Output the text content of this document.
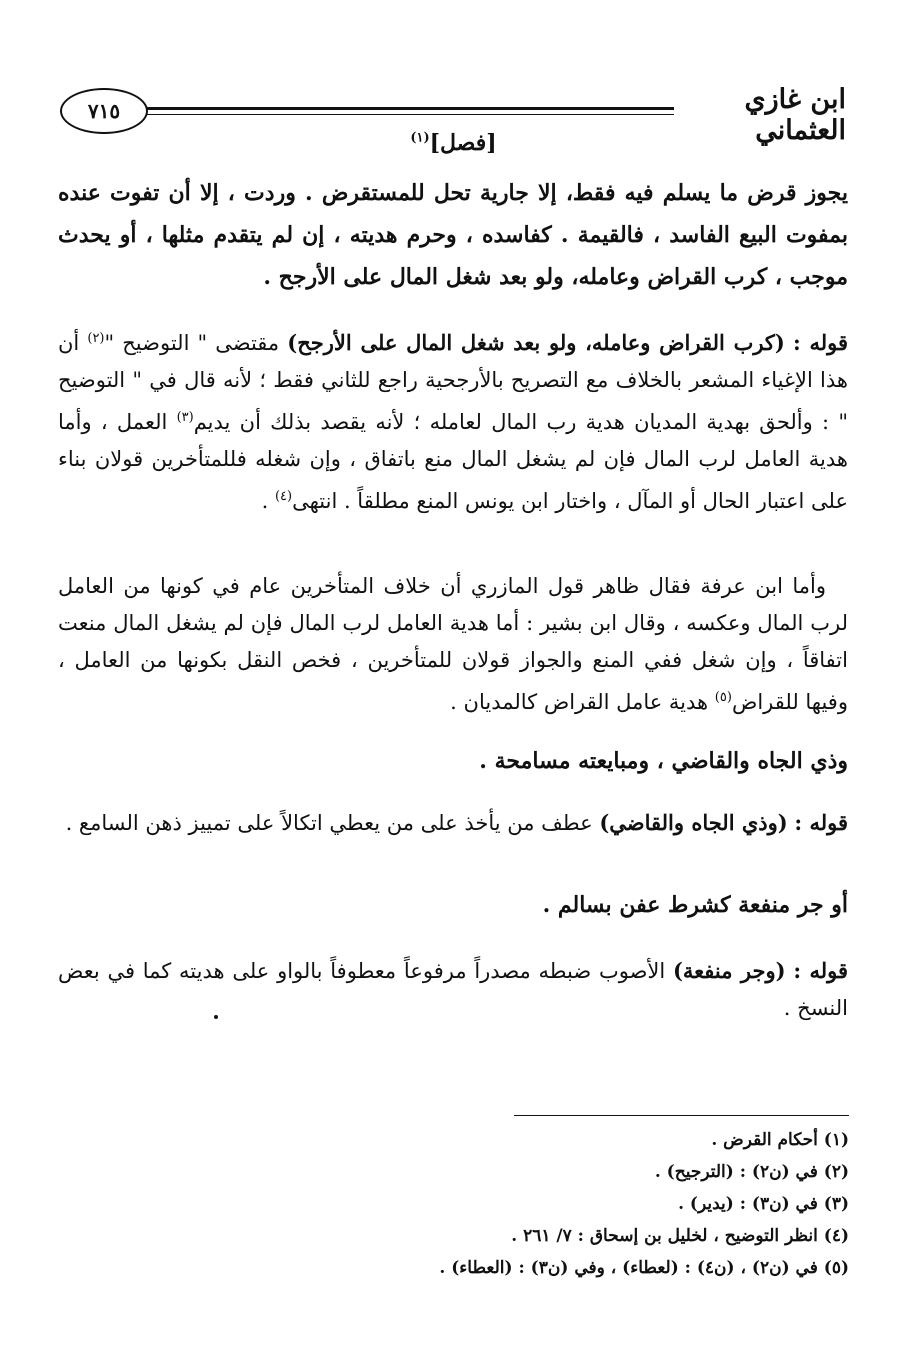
٧١٥	ابن غازي العثماني
[فصل]$^{(١)}$
يجوز قرض ما يسلم فيه فقط، إلا جارية تحل للمستقرض . وردت ، إلا أن تفوت عنده بمفوت البيع الفاسد ، فالقيمة . كفاسده ، وحرم هديته ، إن لم يتقدم مثلها ، أو يحدث موجب ، كرب القراض وعامله، ولو بعد شغل المال على الأرجح .
قوله : (كرب القراض وعامله، ولو بعد شغل المال على الأرجح) مقتضى " التوضيح "$^{(٢)}$ أن هذا الإغياء المشعر بالخلاف مع التصريح بالأرجحية راجع للثاني فقط ؛ لأنه قال في " التوضيح " : وألحق بهدية المديان هدية رب المال لعامله ؛ لأنه يقصد بذلك أن يديم$^{(٣)}$ العمل ، وأما هدية العامل لرب المال فإن لم يشغل المال منع باتفاق ، وإن شغله فللمتأخرين قولان بناء على اعتبار الحال أو المآل ، واختار ابن يونس المنع مطلقاً . انتهى$^{(٤)}$ .
وأما ابن عرفة فقال ظاهر قول المازري أن خلاف المتأخرين عام في كونها من العامل لرب المال وعكسه ، وقال ابن بشير : أما هدية العامل لرب المال فإن لم يشغل المال منعت اتفاقاً ، وإن شغل ففي المنع والجواز قولان للمتأخرين ، فخص النقل بكونها من العامل ، وفيها للقراض$^{(٥)}$ هدية عامل القراض كالمديان .
وذي الجاه والقاضي ، ومبايعته مسامحة .
قوله : (وذي الجاه والقاضي) عطف من يأخذ على من يعطي اتكالاً على تمييز ذهن السامع .
أو جر منفعة كشرط عفن بسالم .
قوله : (وجر منفعة) الأصوب ضبطه مصدراً مرفوعاً معطوفاً بالواو على هديته كما في بعض النسخ .
(١) أحكام القرض .
(٢) في (ن٢) : (الترجيح) .
(٣) في (ن٣) : (يدير) .
(٤) انظر التوضيح ، لخليل بن إسحاق : ٧/ ٢٦١ .
(٥) في (ن٢) ، (ن٤) : (لعطاء) ، وفي (ن٣) : (العطاء) .
